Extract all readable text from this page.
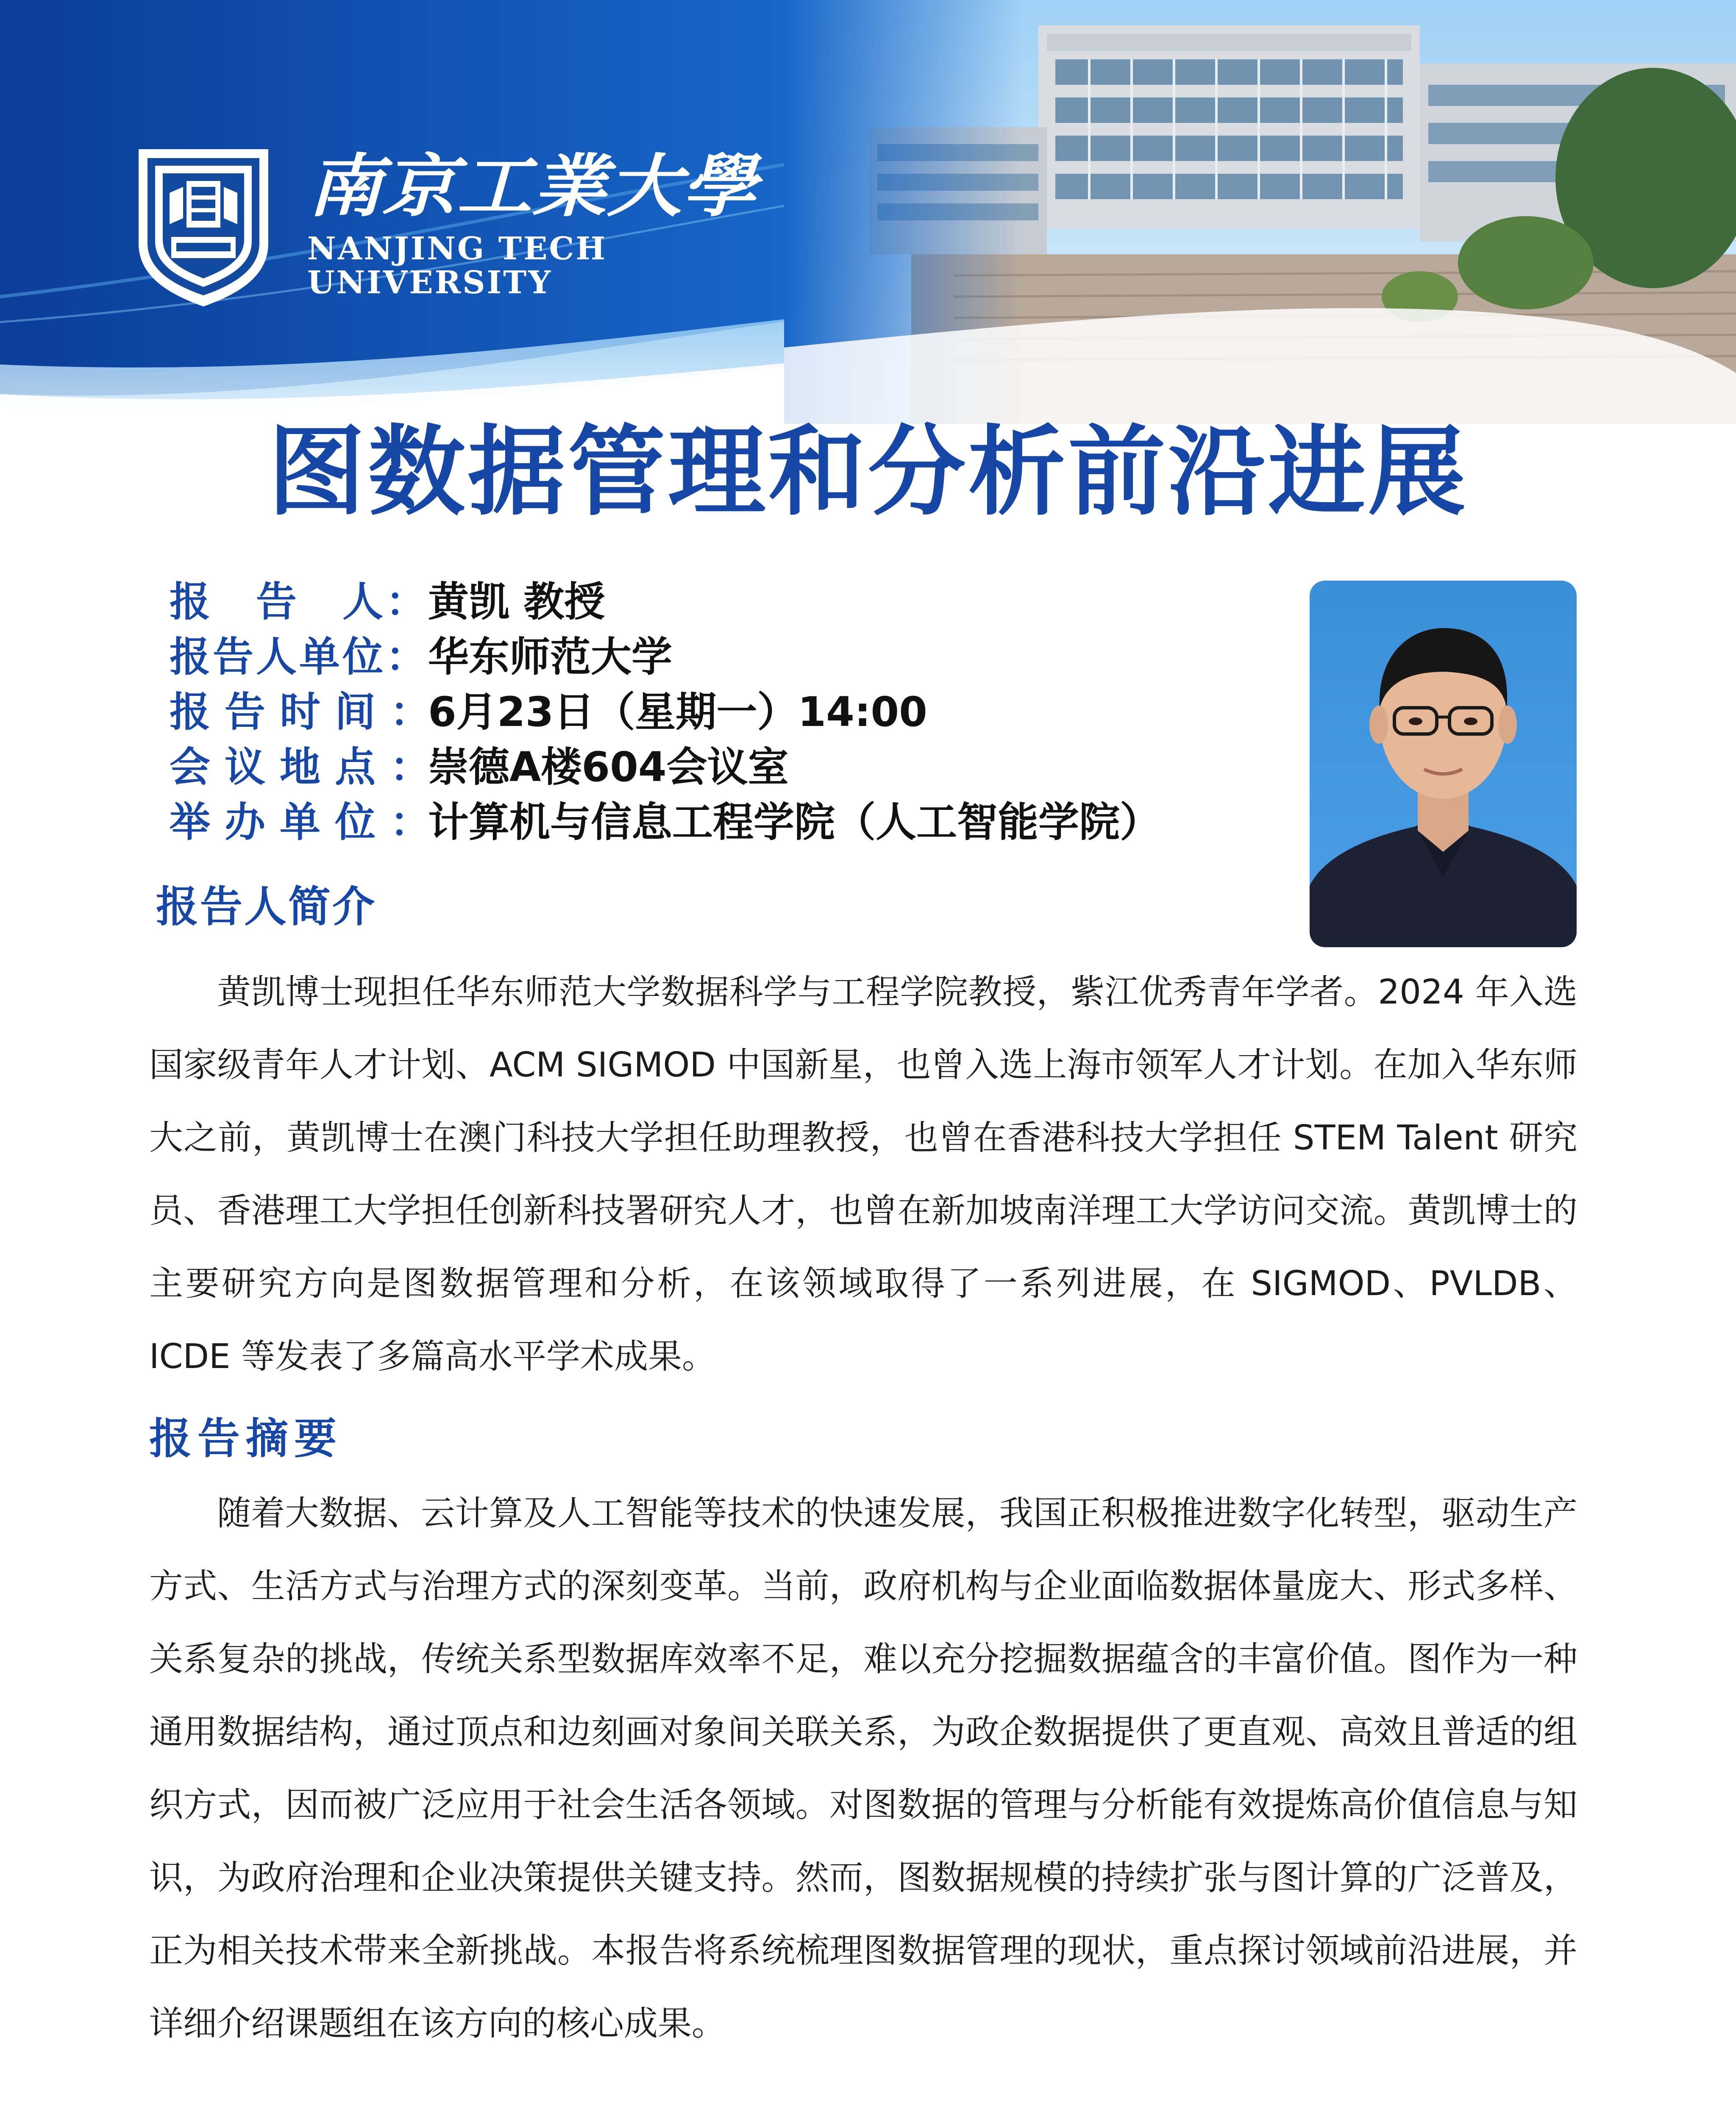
南京工業大學
NANJING TECH
UNIVERSITY
图数据管理和分析前沿进展
报　告　人：
黄凯 教授
报告人单位：
华东师范大学
报告时间：
6月23日（星期一）14:00
会议地点：
崇德A楼604会议室
举办单位：
计算机与信息工程学院（人工智能学院）
报告人简介

黄凯博士现担任华东师范大学数据科学与工程学院教授，紫江优秀青年学者。2024 年入选国家级青年人才计划、ACM SIGMOD 中国新星，也曾入选上海市领军人才计划。在加入华东师大之前，黄凯博士在澳门科技大学担任助理教授，也曾在香港科技大学担任 STEM Talent 研究员、香港理工大学担任创新科技署研究人才，也曾在新加坡南洋理工大学访问交流。黄凯博士的主要研究方向是图数据管理和分析，在该领域取得了一系列进展，在 SIGMOD、PVLDB、ICDE 等发表了多篇高水平学术成果。

报告摘要

随着大数据、云计算及人工智能等技术的快速发展，我国正积极推进数字化转型，驱动生产方式、生活方式与治理方式的深刻变革。当前，政府机构与企业面临数据体量庞大、形式多样、关系复杂的挑战，传统关系型数据库效率不足，难以充分挖掘数据蕴含的丰富价值。图作为一种通用数据结构，通过顶点和边刻画对象间关联关系，为政企数据提供了更直观、高效且普适的组织方式，因而被广泛应用于社会生活各领域。对图数据的管理与分析能有效提炼高价值信息与知识，为政府治理和企业决策提供关键支持。然而，图数据规模的持续扩张与图计算的广泛普及，正为相关技术带来全新挑战。本报告将系统梳理图数据管理的现状，重点探讨领域前沿进展，并详细介绍课题组在该方向的核心成果。
